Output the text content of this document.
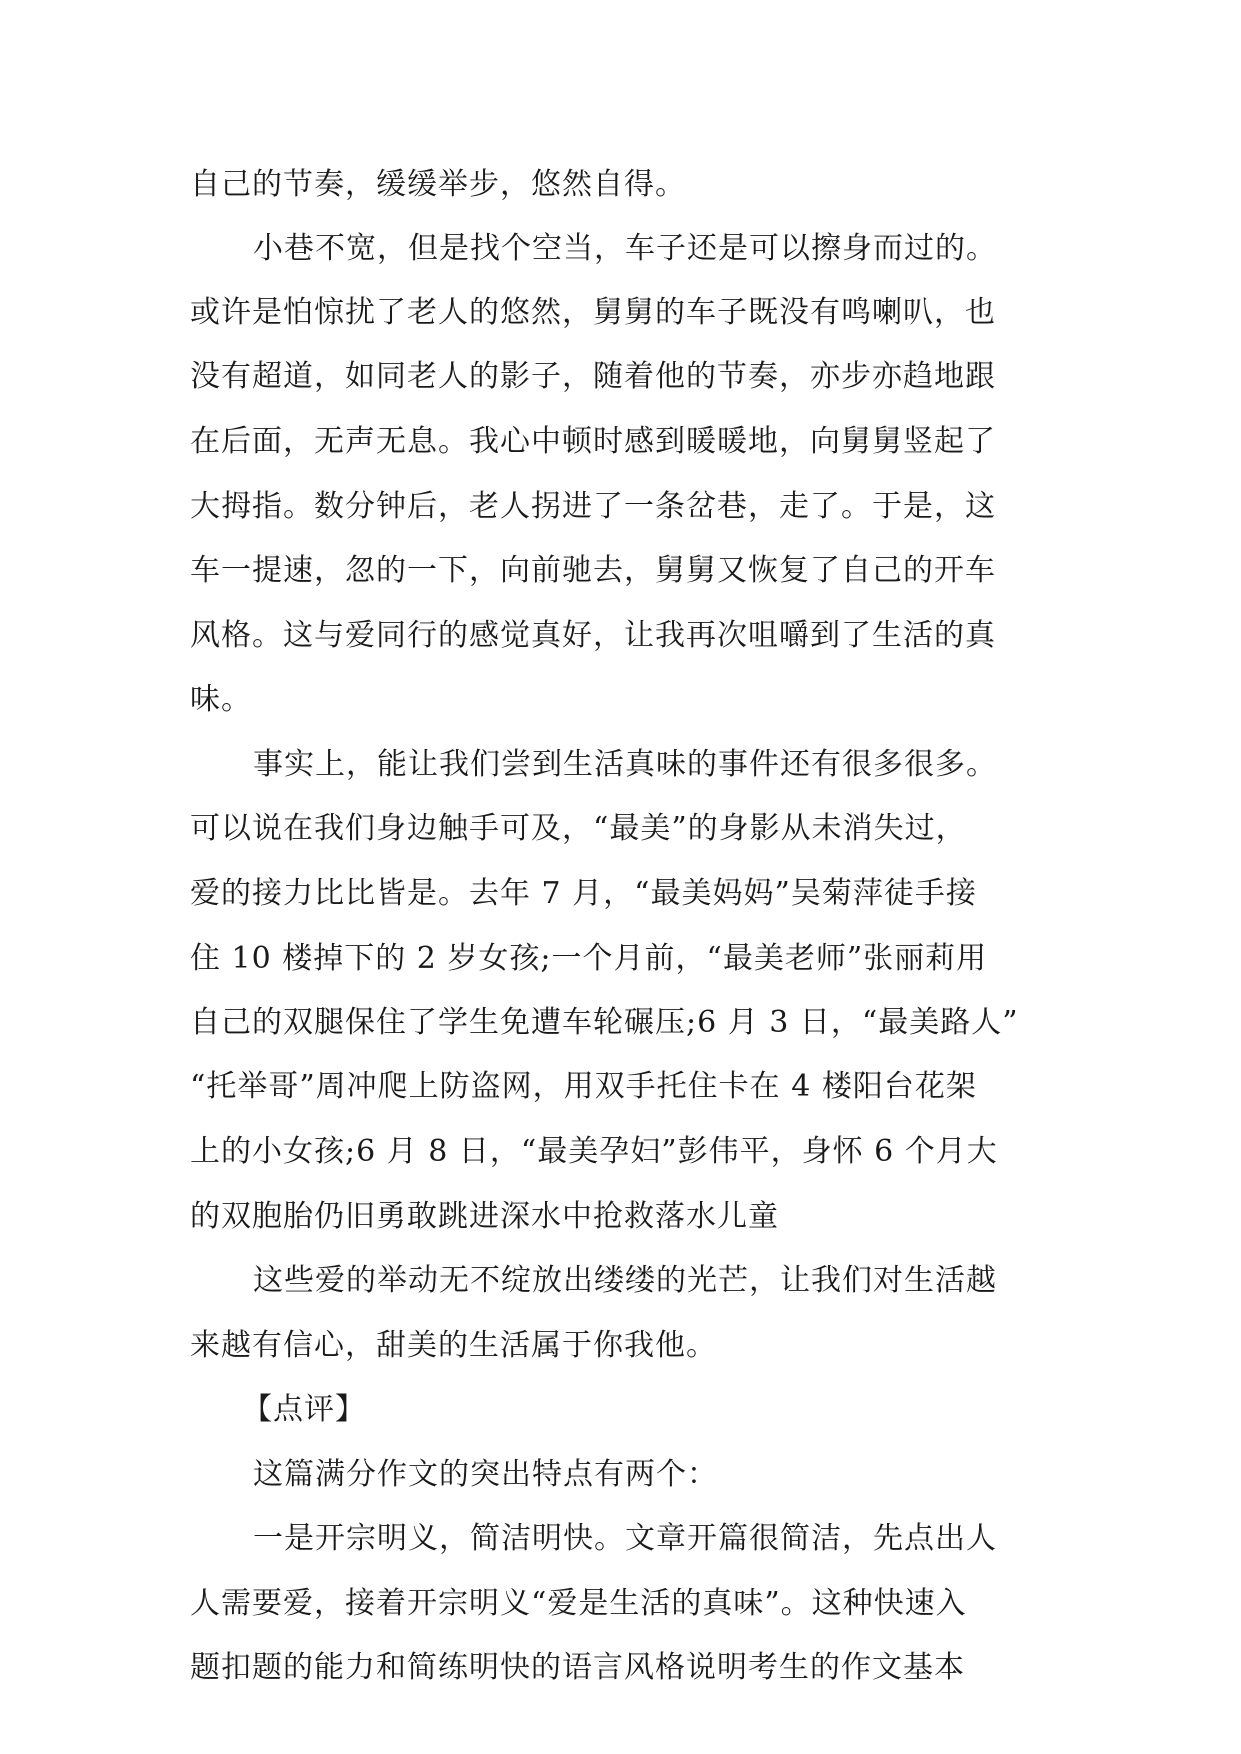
自己的节奏，缓缓举步，悠然自得。
小巷不宽，但是找个空当，车子还是可以擦身而过的。
或许是怕惊扰了老人的悠然，舅舅的车子既没有鸣喇叭，也
没有超道，如同老人的影子，随着他的节奏，亦步亦趋地跟
在后面，无声无息。我心中顿时感到暖暖地，向舅舅竖起了
大拇指。数分钟后，老人拐进了一条岔巷，走了。于是，这
车一提速，忽的一下，向前驰去，舅舅又恢复了自己的开车
风格。这与爱同行的感觉真好，让我再次咀嚼到了生活的真
味。
事实上，能让我们尝到生活真味的事件还有很多很多。
可以说在我们身边触手可及，“最美”的身影从未消失过，
爱的接力比比皆是。去年 7 月，“最美妈妈”吴菊萍徒手接
住 10 楼掉下的 2 岁女孩;一个月前，“最美老师”张丽莉用
自己的双腿保住了学生免遭车轮碾压;6 月 3 日，“最美路人”
“托举哥”周冲爬上防盗网，用双手托住卡在 4 楼阳台花架
上的小女孩;6 月 8 日，“最美孕妇”彭伟平，身怀 6 个月大
的双胞胎仍旧勇敢跳进深水中抢救落水儿童
这些爱的举动无不绽放出缕缕的光芒，让我们对生活越
来越有信心，甜美的生活属于你我他。
【点评】
这篇满分作文的突出特点有两个：
一是开宗明义，简洁明快。文章开篇很简洁，先点出人
人需要爱，接着开宗明义“爱是生活的真味”。这种快速入
题扣题的能力和简练明快的语言风格说明考生的作文基本
